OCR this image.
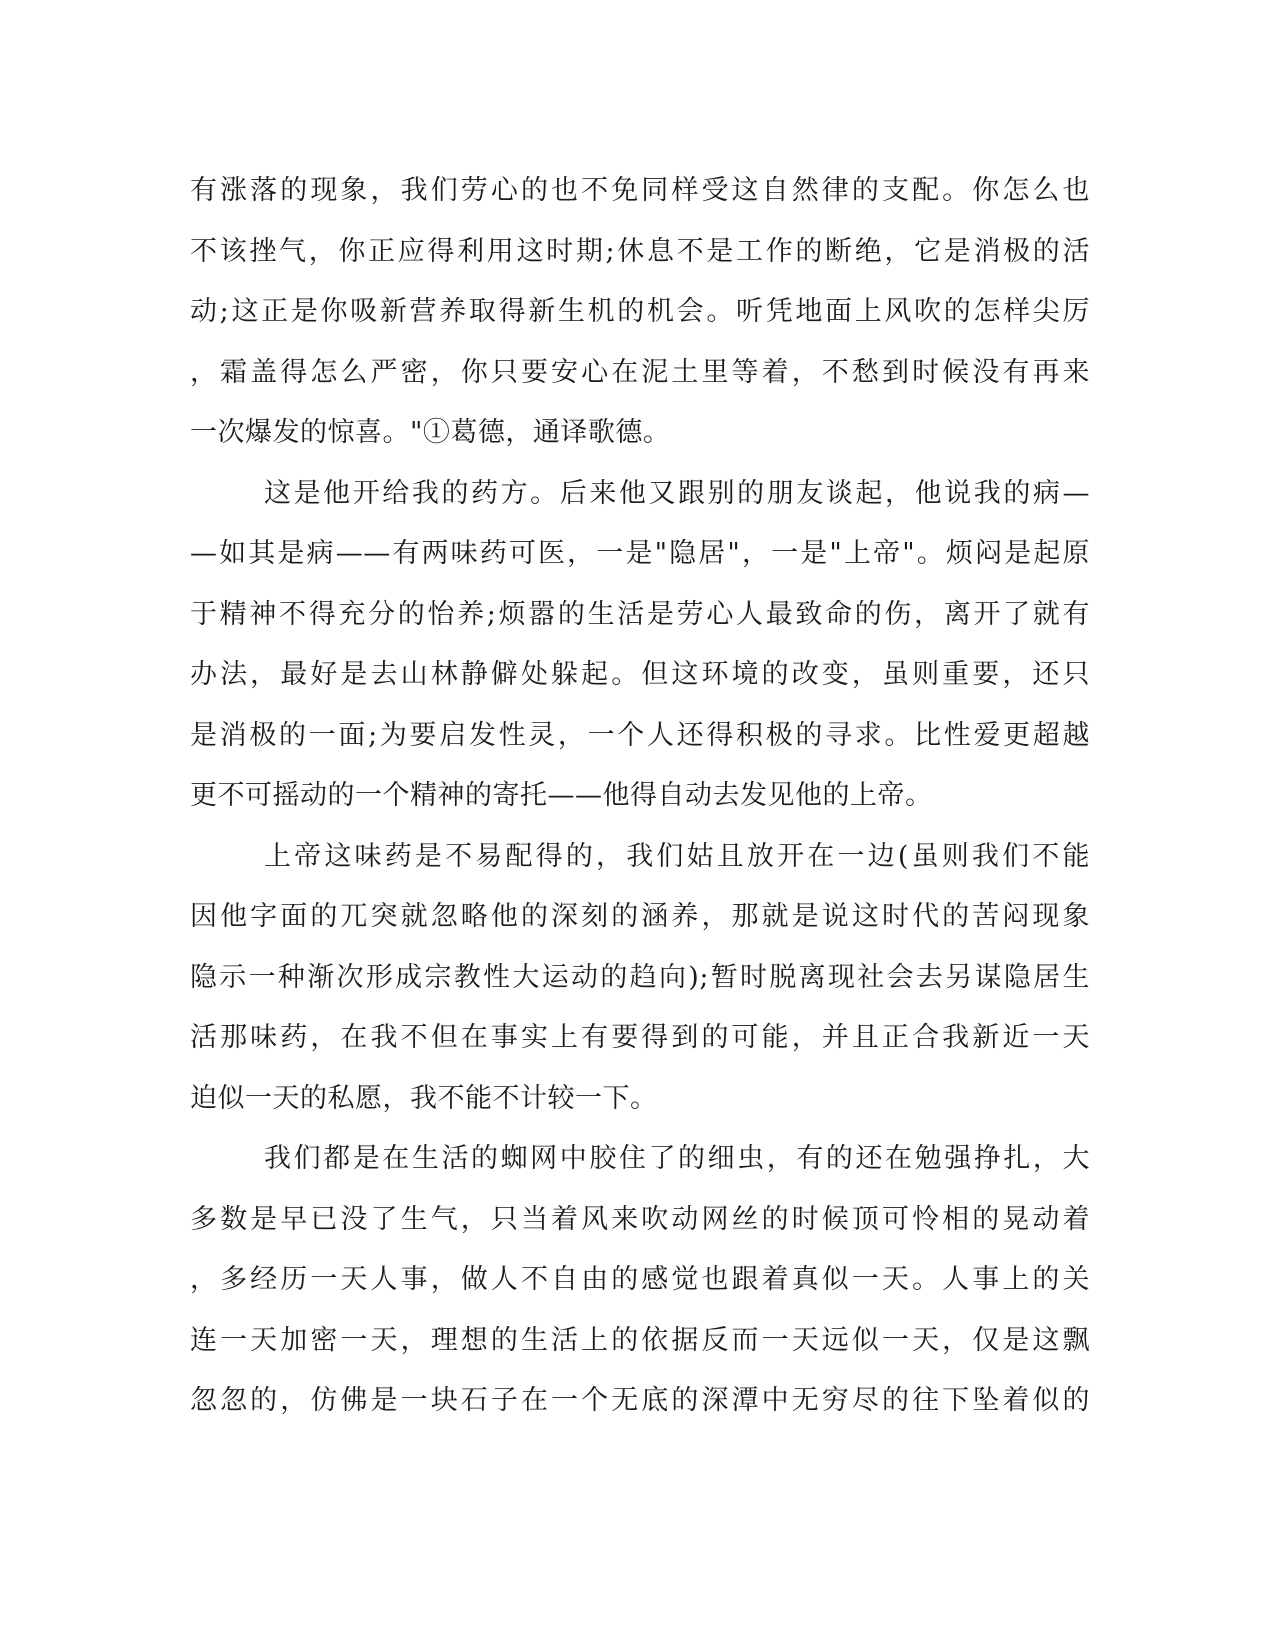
有涨落的现象，我们劳心的也不免同样受这自然律的支配。你怎么也
不该挫气，你正应得利用这时期;休息不是工作的断绝，它是消极的活
动;这正是你吸新营养取得新生机的机会。听凭地面上风吹的怎样尖厉
，霜盖得怎么严密，你只要安心在泥土里等着，不愁到时候没有再来
一次爆发的惊喜。"①葛德，通译歌德。
这是他开给我的药方。后来他又跟别的朋友谈起，他说我的病—
—如其是病——有两味药可医，一是"隐居"，一是"上帝"。烦闷是起原
于精神不得充分的怡养;烦嚣的生活是劳心人最致命的伤，离开了就有
办法，最好是去山林静僻处躲起。但这环境的改变，虽则重要，还只
是消极的一面;为要启发性灵，一个人还得积极的寻求。比性爱更超越
更不可摇动的一个精神的寄托——他得自动去发见他的上帝。
上帝这味药是不易配得的，我们姑且放开在一边(虽则我们不能
因他字面的兀突就忽略他的深刻的涵养，那就是说这时代的苦闷现象
隐示一种渐次形成宗教性大运动的趋向);暂时脱离现社会去另谋隐居生
活那味药，在我不但在事实上有要得到的可能，并且正合我新近一天
迫似一天的私愿，我不能不计较一下。
我们都是在生活的蜘网中胶住了的细虫，有的还在勉强挣扎，大
多数是早已没了生气，只当着风来吹动网丝的时候顶可怜相的晃动着
，多经历一天人事，做人不自由的感觉也跟着真似一天。人事上的关
连一天加密一天，理想的生活上的依据反而一天远似一天，仅是这飘
忽忽的，仿佛是一块石子在一个无底的深潭中无穷尽的往下坠着似的
